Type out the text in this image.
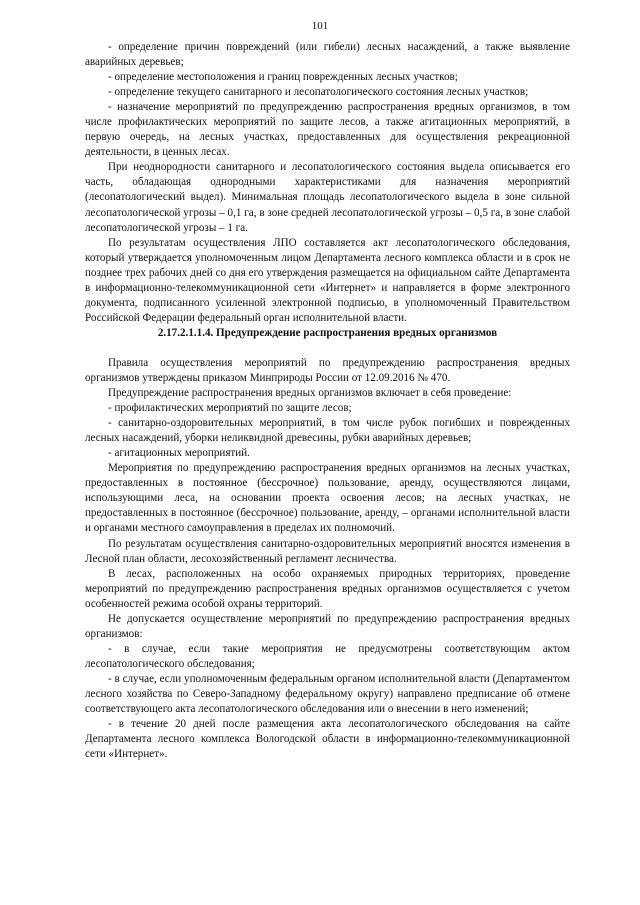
101

- определение причин повреждений (или гибели) лесных насаждений, а также выявление аварийных деревьев;

- определение местоположения и границ поврежденных лесных участков;

- определение текущего санитарного и лесопатологического состояния лесных участков;

- назначение мероприятий по предупреждению распространения вредных организмов, в том числе профилактических мероприятий по защите лесов, а также агитационных мероприятий, в первую очередь, на лесных участках, предоставленных для осуществления рекреационной деятельности, в ценных лесах.

При неоднородности санитарного и лесопатологического состояния выдела описывается его часть, обладающая однородными характеристиками для назначения мероприятий (лесопатологический выдел). Минимальная площадь лесопатологического выдела в зоне сильной лесопатологической угрозы – 0,1 га, в зоне средней лесопатологической угрозы – 0,5 га, в зоне слабой лесопатологической угрозы – 1 га.

По результатам осуществления ЛПО составляется акт лесопатологического обследования, который утверждается уполномоченным лицом Департамента лесного комплекса области и в срок не позднее трех рабочих дней со дня его утверждения размещается на официальном сайте Департамента в информационно-телекоммуникационной сети «Интернет» и направляется в форме электронного документа, подписанного усиленной электронной подписью, в уполномоченный Правительством Российской Федерации федеральный орган исполнительной власти.

2.17.2.1.1.4. Предупреждение распространения вредных организмов

Правила осуществления мероприятий по предупреждению распространения вредных организмов утверждены приказом Минприроды России от 12.09.2016 № 470.

Предупреждение распространения вредных организмов включает в себя проведение:

- профилактических мероприятий по защите лесов;

- санитарно-оздоровительных мероприятий, в том числе рубок погибших и поврежденных лесных насаждений, уборки неликвидной древесины, рубки аварийных деревьев;

- агитационных мероприятий.

Мероприятия по предупреждению распространения вредных организмов на лесных участках, предоставленных в постоянное (бессрочное) пользование, аренду, осуществляются лицами, использующими леса, на основании проекта освоения лесов; на лесных участках, не предоставленных в постоянное (бессрочное) пользование, аренду, – органами исполнительной власти и органами местного самоуправления в пределах их полномочий.

По результатам осуществления санитарно-оздоровительных мероприятий вносятся изменения в Лесной план области, лесохозяйственный регламент лесничества.

В лесах, расположенных на особо охраняемых природных территориях, проведение мероприятий по предупреждению распространения вредных организмов осуществляется с учетом особенностей режима особой охраны территорий.

Не допускается осуществление мероприятий по предупреждению распространения вредных организмов:

- в случае, если такие мероприятия не предусмотрены соответствующим актом лесопатологического обследования;

- в случае, если уполномоченным федеральным органом исполнительной власти (Департаментом лесного хозяйства по Северо-Западному федеральному округу) направлено предписание об отмене соответствующего акта лесопатологического обследования или о внесении в него изменений;

- в течение 20 дней после размещения акта лесопатологического обследования на сайте Департамента лесного комплекса Вологодской области в информационно-телекоммуникационной сети «Интернет».
